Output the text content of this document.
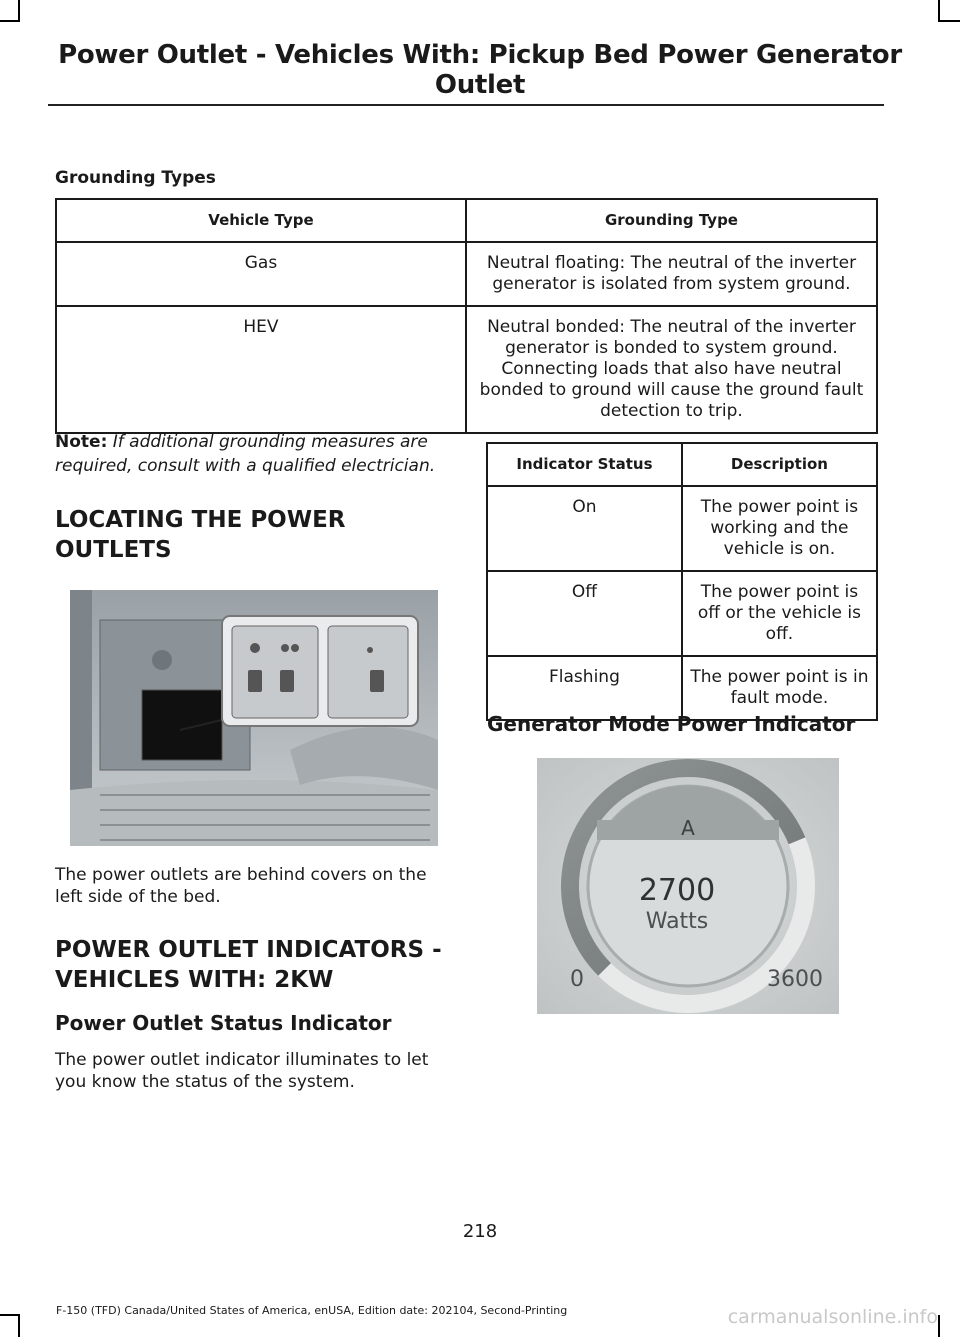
Power Outlet - Vehicles With: Pickup Bed Power Generator Outlet
Grounding Types
Vehicle Type	Grounding Type
Gas	Neutral floating: The neutral of the inverter generator is isolated from system ground.
HEV	Neutral bonded: The neutral of the inverter generator is bonded to system ground. Connecting loads that also have neutral bonded to ground will cause the ground fault detection to trip.
Note: If additional grounding measures are required, consult with a qualified electrician.
LOCATING THE POWER OUTLETS
The power outlets are behind covers on the left side of the bed.
POWER OUTLET INDICATORS - VEHICLES WITH: 2KW
Power Outlet Status Indicator
The power outlet indicator illuminates to let you know the status of the system.
Indicator Status	Description
On	The power point is working and the vehicle is on.
Off	The power point is off or the vehicle is off.
Flashing	The power point is in fault mode.
Generator Mode Power Indicator
A
2700
Watts
0	3600
218
F-150 (TFD) Canada/United States of America, enUSA, Edition date: 202104, Second-Printing	carmanualsonline.info
